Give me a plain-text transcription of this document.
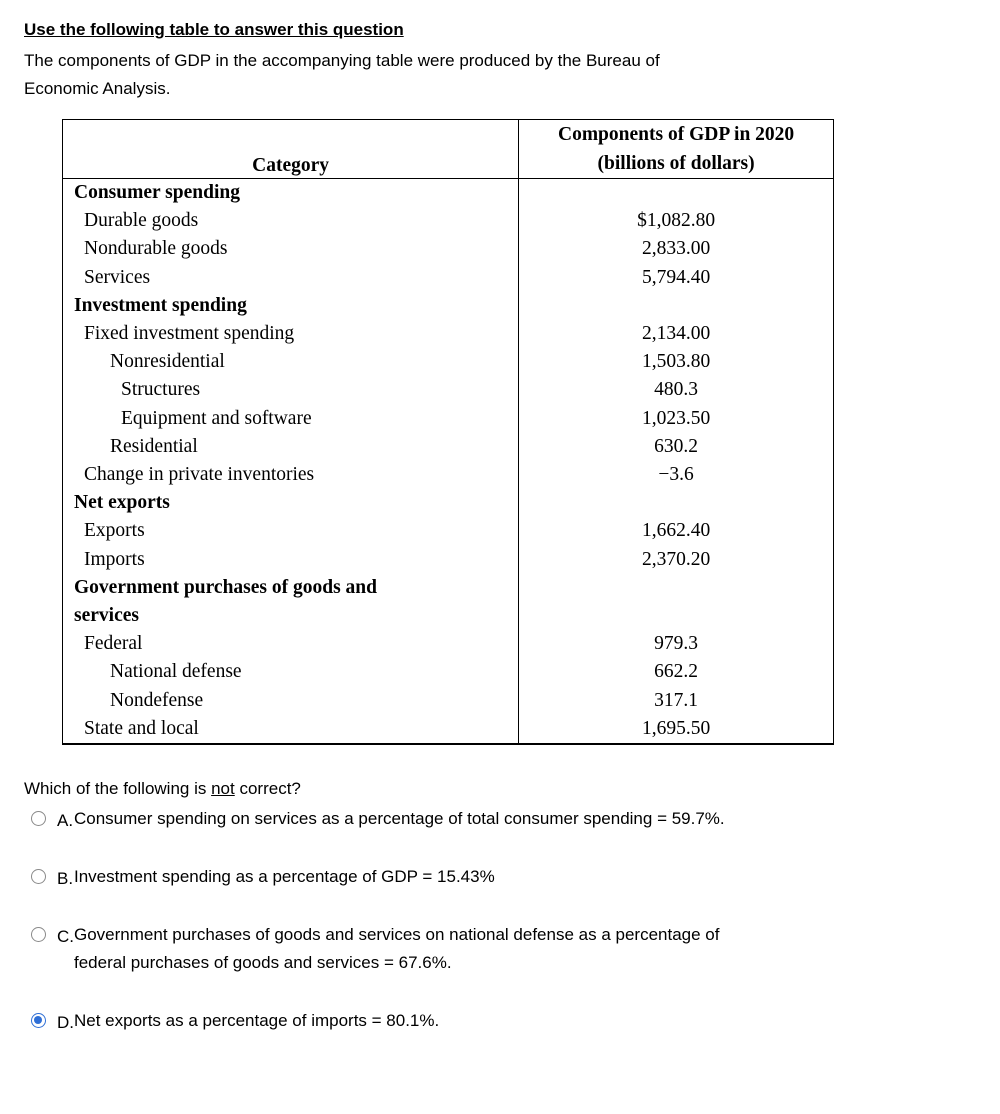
Use the following table to answer this question
The components of GDP in the accompanying table were produced by the Bureau of Economic Analysis.
Category	Components of GDP in 2020
(billions of dollars)

Consumer spending	
Durable goods	$1,082.80
Nondurable goods	2,833.00
Services	5,794.40
Investment spending	
Fixed investment spending	2,134.00
Nonresidential	1,503.80
Structures	480.3
Equipment and software	1,023.50
Residential	630.2
Change in private inventories	−3.6
Net exports	
Exports	1,662.40
Imports	2,370.20
Government purchases of goods and	
services	
Federal	979.3
National defense	662.2
Nondefense	317.1
State and local	1,695.50
Which of the following is not correct?
A. Consumer spending on services as a percentage of total consumer spending = 59.7%.
B. Investment spending as a percentage of GDP = 15.43%
C. Government purchases of goods and services on national defense as a percentage of federal purchases of goods and services = 67.6%.
D. Net exports as a percentage of imports = 80.1%.
